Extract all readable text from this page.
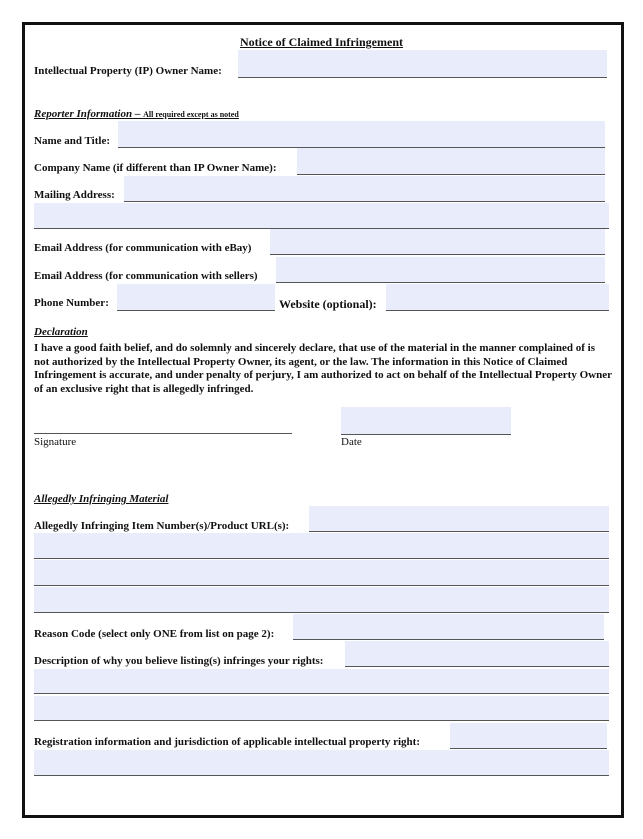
Notice of Claimed Infringement
Intellectual Property (IP) Owner Name:
Reporter Information – All required except as noted
Name and Title:
Company Name (if different than IP Owner Name):
Mailing Address:
Email Address (for communication with eBay)
Email Address (for communication with sellers)
Phone Number:	Website (optional):
Declaration
I have a good faith belief, and do solemnly and sincerely declare, that use of the material in the manner complained of is not authorized by the Intellectual Property Owner, its agent, or the law. The information in this Notice of Claimed Infringement is accurate, and under penalty of perjury, I am authorized to act on behalf of the Intellectual Property Owner of an exclusive right that is allegedly infringed.
Signature	Date
Allegedly Infringing Material
Allegedly Infringing Item Number(s)/Product URL(s):
Reason Code (select only ONE from list on page 2):
Description of why you believe listing(s) infringes your rights:
Registration information and jurisdiction of applicable intellectual property right:
